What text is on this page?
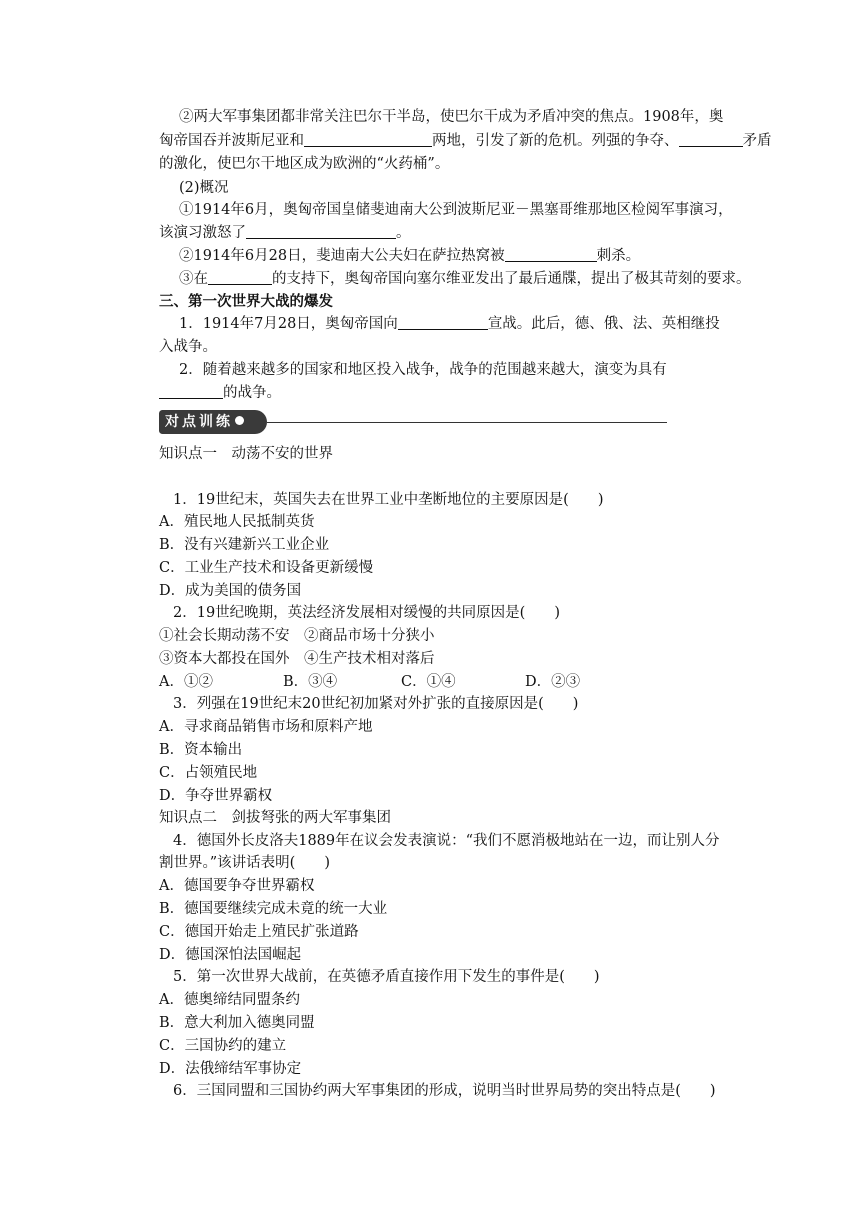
②两大军事集团都非常关注巴尔干半岛，使巴尔干成为矛盾冲突的焦点。1908年，奥
匈帝国吞并波斯尼亚和	两地，引发了新的危机。列强的争夺、	矛盾
的激化，使巴尔干地区成为欧洲的“火药桶”。
(2)概况
①1914年6月，奥匈帝国皇储斐迪南大公到波斯尼亚－黑塞哥维那地区检阅军事演习，
该演习激怒了	。
②1914年6月28日，斐迪南大公夫妇在萨拉热窝被	刺杀。
③在	的支持下，奥匈帝国向塞尔维亚发出了最后通牒，提出了极其苛刻的要求。
三、第一次世界大战的爆发
1．1914年7月28日，奥匈帝国向	宣战。此后，德、俄、法、英相继投
入战争。
2．随着越来越多的国家和地区投入战争，战争的范围越来越大，演变为具有
的战争。
对点训练
知识点一　动荡不安的世界
1．19世纪末，英国失去在世界工业中垄断地位的主要原因是(　　)
A．殖民地人民抵制英货
B．没有兴建新兴工业企业
C．工业生产技术和设备更新缓慢
D．成为美国的债务国
2．19世纪晚期，英法经济发展相对缓慢的共同原因是(　　)
①社会长期动荡不安　②商品市场十分狭小
③资本大都投在国外　④生产技术相对落后
A．①②	B．③④	C．①④	D．②③
3．列强在19世纪末20世纪初加紧对外扩张的直接原因是(　　)
A．寻求商品销售市场和原料产地
B．资本输出
C．占领殖民地
D．争夺世界霸权
知识点二　剑拔弩张的两大军事集团
4．德国外长皮洛夫1889年在议会发表演说：“我们不愿消极地站在一边，而让别人分
割世界。”该讲话表明(　　)
A．德国要争夺世界霸权
B．德国要继续完成未竟的统一大业
C．德国开始走上殖民扩张道路
D．德国深怕法国崛起
5．第一次世界大战前，在英德矛盾直接作用下发生的事件是(　　)
A．德奥缔结同盟条约
B．意大利加入德奥同盟
C．三国协约的建立
D．法俄缔结军事协定
6．三国同盟和三国协约两大军事集团的形成，说明当时世界局势的突出特点是(　　)
